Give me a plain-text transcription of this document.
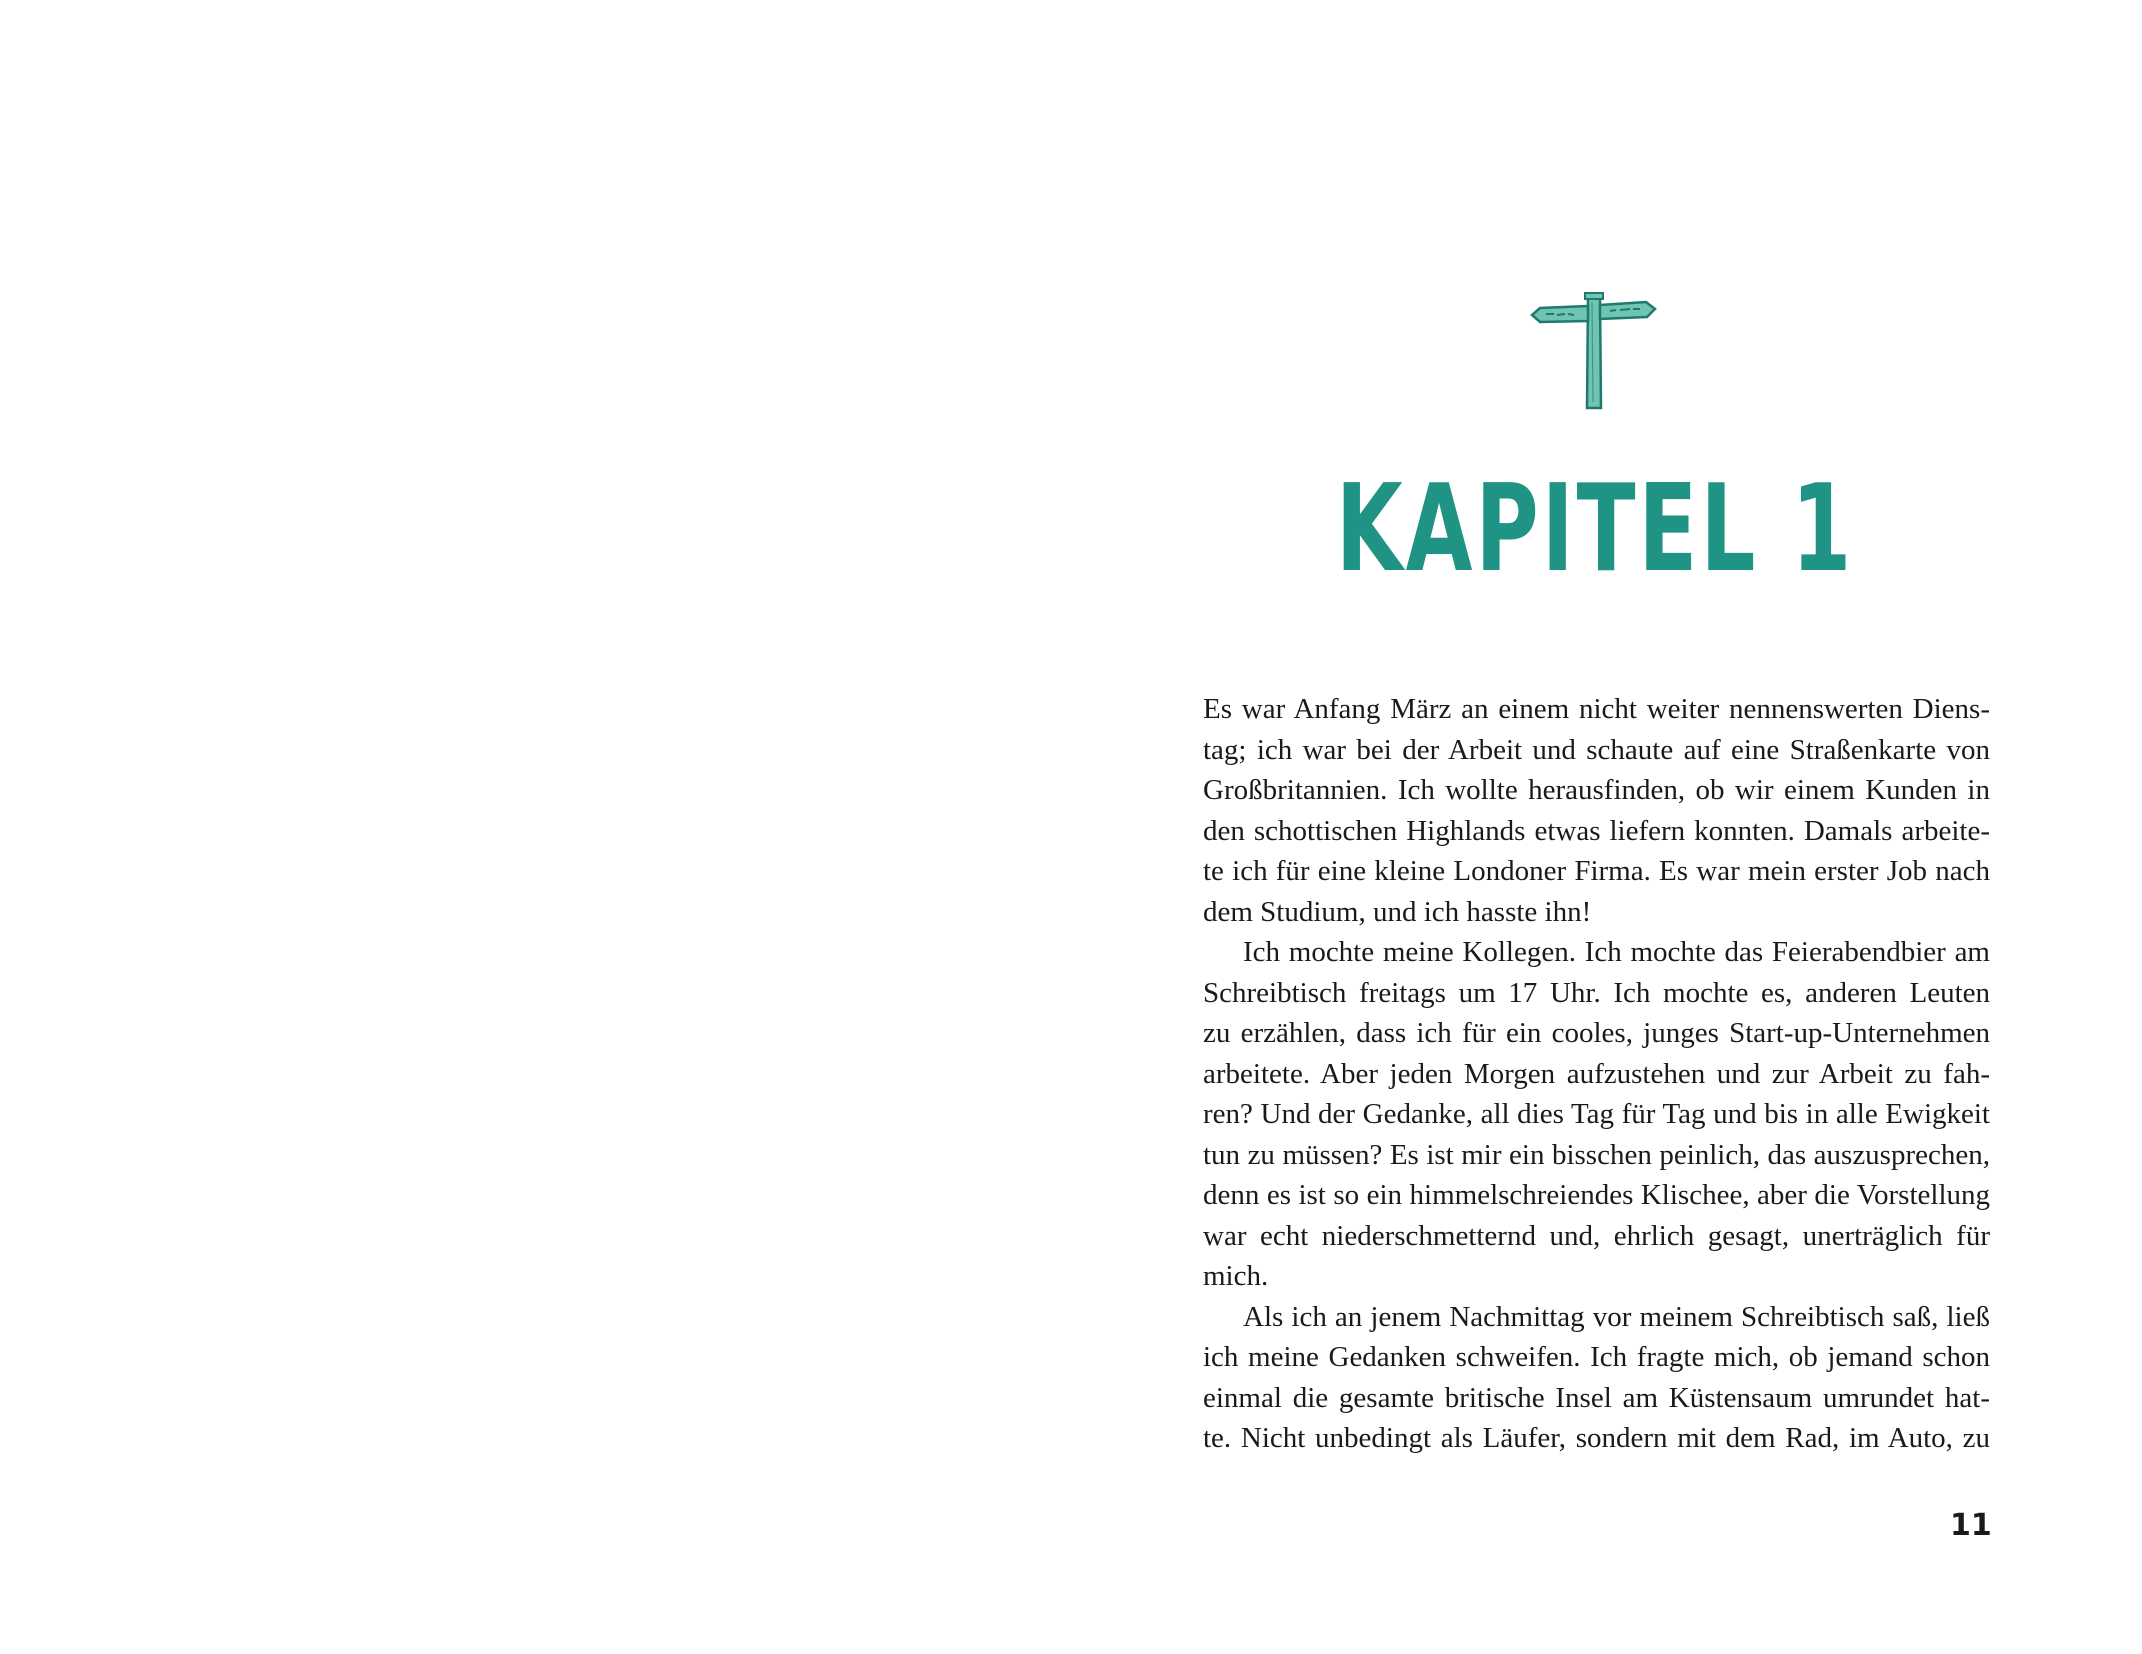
KAPITEL 1
Es war Anfang März an einem nicht weiter nennenswerten Diens-
tag; ich war bei der Arbeit und schaute auf eine Straßenkarte von
Großbritannien. Ich wollte herausfinden, ob wir einem Kunden in
den schottischen Highlands etwas liefern konnten. Damals arbeite-
te ich für eine kleine Londoner Firma. Es war mein erster Job nach
dem Studium, und ich hasste ihn!
Ich mochte meine Kollegen. Ich mochte das Feierabendbier am
Schreibtisch freitags um 17 Uhr. Ich mochte es, anderen Leuten
zu erzählen, dass ich für ein cooles, junges Start-up-Unternehmen
arbeitete. Aber jeden Morgen aufzustehen und zur Arbeit zu fah-
ren? Und der Gedanke, all dies Tag für Tag und bis in alle Ewigkeit
tun zu müssen? Es ist mir ein bisschen peinlich, das auszusprechen,
denn es ist so ein himmelschreiendes Klischee, aber die Vorstellung
war echt niederschmetternd und, ehrlich gesagt, unerträglich für
mich.
Als ich an jenem Nachmittag vor meinem Schreibtisch saß, ließ
ich meine Gedanken schweifen. Ich fragte mich, ob jemand schon
einmal die gesamte britische Insel am Küstensaum umrundet hat-
te. Nicht unbedingt als Läufer, sondern mit dem Rad, im Auto, zu

11
